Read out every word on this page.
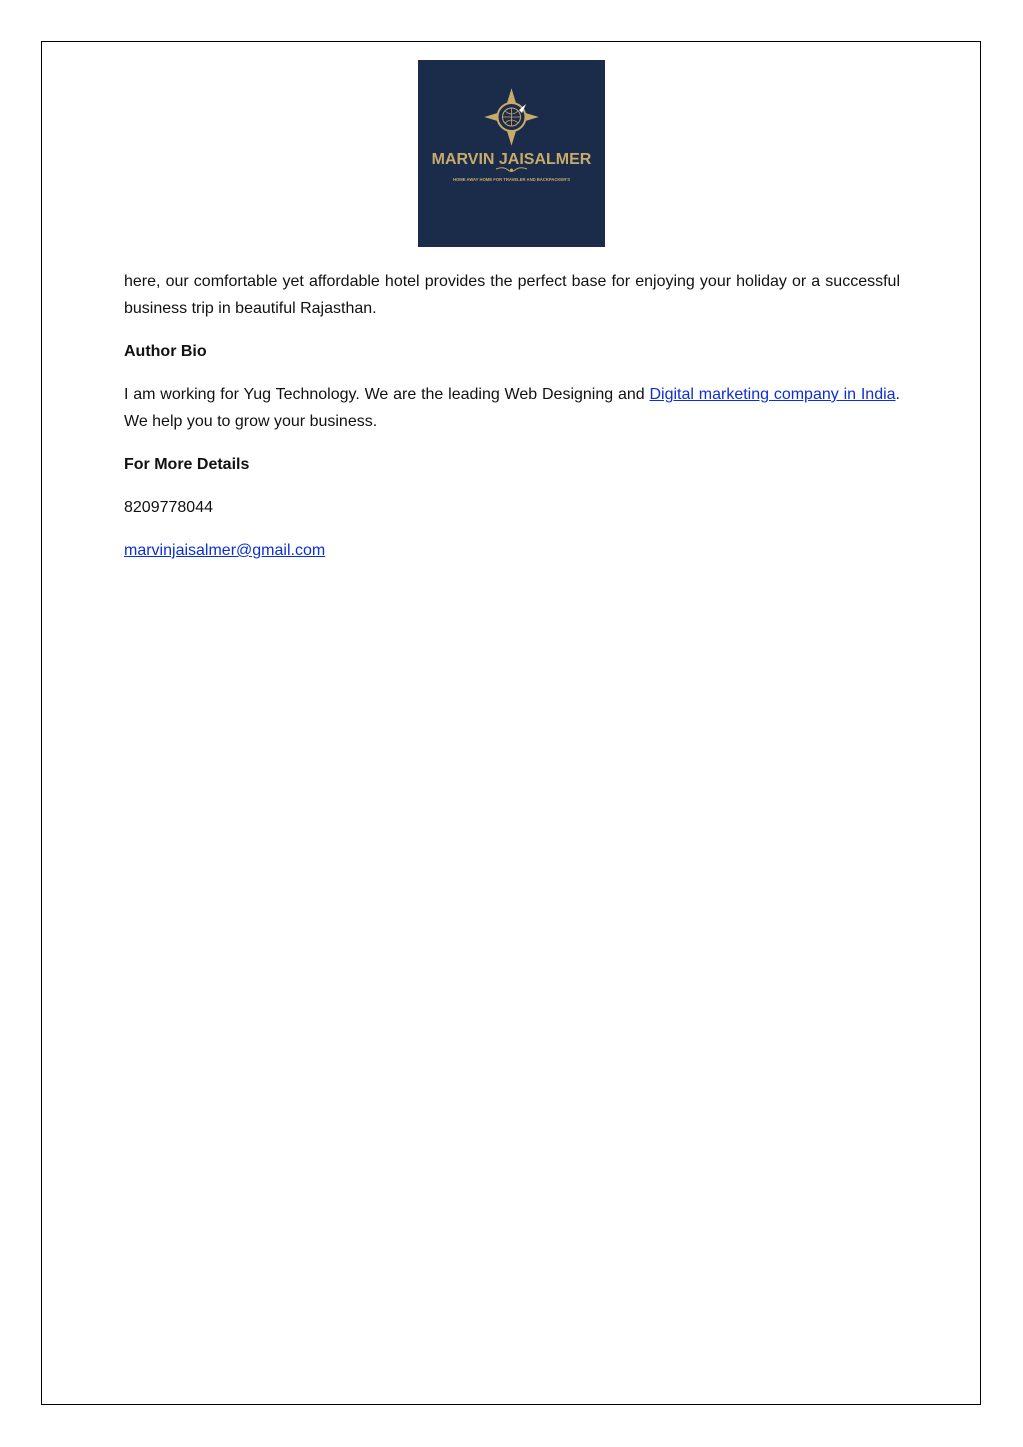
MARVIN JAISALMER
HOME AWAY HOME FOR TRAVELER AND BACKPACKER'S

here, our comfortable yet affordable hotel provides the perfect base for enjoying your holiday or a successful business trip in beautiful Rajasthan.

Author Bio

I am working for Yug Technology. We are the leading Web Designing and Digital marketing company in India. We help you to grow your business.

For More Details

8209778044

marvinjaisalmer@gmail.com
